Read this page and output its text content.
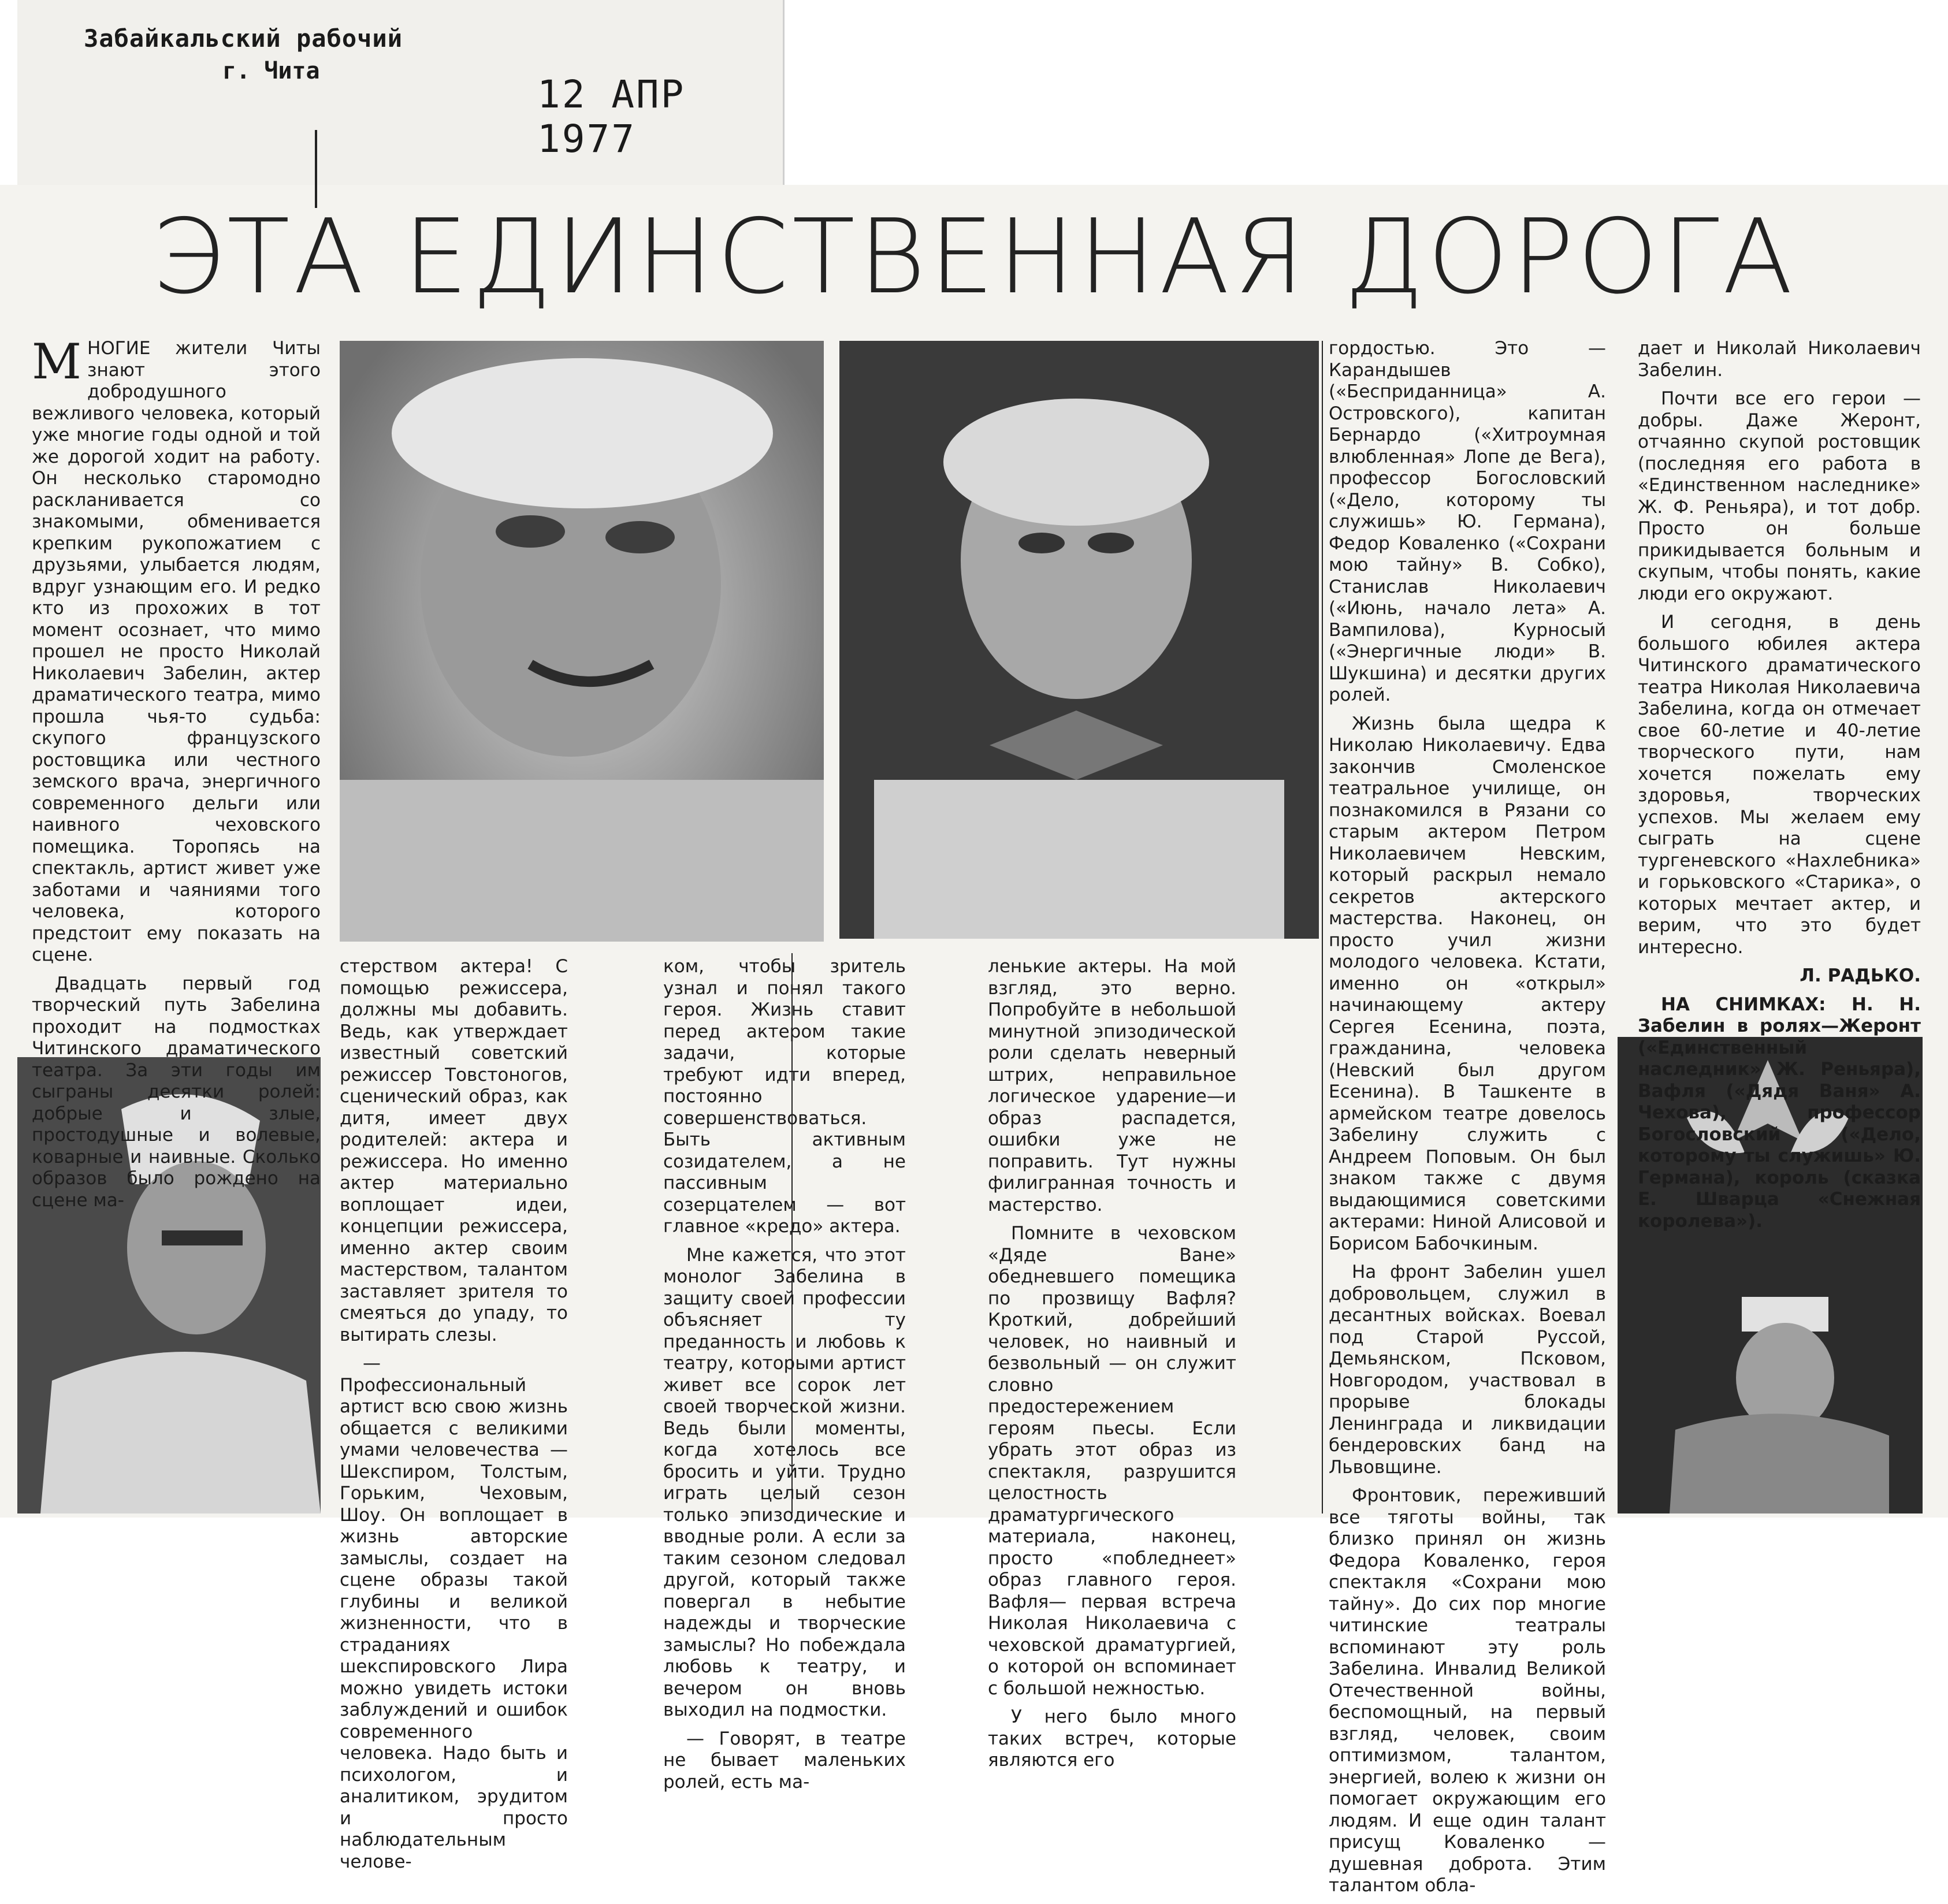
Забайкальский рабочий
г. Чита
12 АПР 1977
ЭТА ЕДИНСТВЕННАЯ ДОРОГА

МНОГИЕ жители Читы знают этого добродушного вежливого человека, который уже многие годы одной и той же дорогой ходит на работу. Он несколько старомодно раскланивается со знакомыми, обменивается крепким рукопожатием с друзьями, улыбается людям, вдруг узнающим его. И редко кто из прохожих в тот момент осознает, что мимо прошел не просто Николай Николаевич Забелин, актер драматического театра, мимо прошла чья-то судьба: скупого французского ростовщика или честного земского врача, энергичного современного дельги или наивного чеховского помещика. Торопясь на спектакль, артист живет уже заботами и чаяниями того человека, которого предстоит ему показать на сцене.

Двадцать первый год творческий путь Забелина проходит на подмостках Читинского драматического театра. За эти годы им сыграны десятки ролей: добрые и злые, простодушные и волевые, коварные и наивные. Сколько образов было рождено на сцене ма-

стерством актера! С помощью режиссера, должны мы добавить. Ведь, как утверждает известный советский режиссер Товстоногов, сценический образ, как дитя, имеет двух родителей: актера и режиссера. Но именно актер материально воплощает идеи, концепции режиссера, именно актер своим мастерством, талантом заставляет зрителя то смеяться до упаду, то вытирать слезы.

— Профессиональный артист всю свою жизнь общается с великими умами человечества — Шекспиром, Толстым, Горьким, Чеховым, Шоу. Он воплощает в жизнь авторские замыслы, создает на сцене образы такой глубины и великой жизненности, что в страданиях шекспировского Лира можно увидеть истоки заблуждений и ошибок современного человека. Надо быть и психологом, и аналитиком, эрудитом и просто наблюдательным челове-

ком, чтобы зритель узнал и понял такого героя. Жизнь ставит перед актером такие задачи, которые требуют идти вперед, постоянно совершенствоваться. Быть активным созидателем, а не пассивным созерцателем — вот главное «кредо» актера.

Мне кажется, что этот монолог Забелина в защиту своей профессии объясняет ту преданность и любовь к театру, которыми артист живет все сорок лет своей творческой жизни. Ведь были моменты, когда хотелось все бросить и уйти. Трудно играть целый сезон только эпизодические и вводные роли. А если за таким сезоном следовал другой, который также повергал в небытие надежды и творческие замыслы? Но побеждала любовь к театру, и вечером он вновь выходил на подмостки.

— Говорят, в театре не бывает маленьких ролей, есть ма-

ленькие актеры. На мой взгляд, это верно. Попробуйте в небольшой минутной эпизодической роли сделать неверный штрих, неправильное логическое ударение—и образ распадется, ошибки уже не поправить. Тут нужны филигранная точность и мастерство.

Помните в чеховском «Дяде Ване» обедневшего помещика по прозвищу Вафля? Кроткий, добрейший человек, но наивный и безвольный — он служит словно предостережением героям пьесы. Если убрать этот образ из спектакля, разрушится целостность драматургического материала, наконец, просто «побледнеет» образ главного героя. Вафля— первая встреча Николая Николаевича с чеховской драматургией, о которой он вспоминает с большой нежностью.

У него было много таких встреч, которые являются его

гордостью. Это — Карандышев («Бесприданница» А. Островского), капитан Бернардо («Хитроумная влюбленная» Лопе де Вега), профессор Богословский («Дело, которому ты служишь» Ю. Германа), Федор Коваленко («Сохрани мою тайну» В. Собко), Станислав Николаевич («Июнь, начало лета» А. Вампилова), Курносый («Энергичные люди» В. Шукшина) и десятки других ролей.

Жизнь была щедра к Николаю Николаевичу. Едва закончив Смоленское театральное училище, он познакомился в Рязани со старым актером Петром Николаевичем Невским, который раскрыл немало секретов актерского мастерства. Наконец, он просто учил жизни молодого человека. Кстати, именно он «открыл» начинающему актеру Сергея Есенина, поэта, гражданина, человека (Невский был другом Есенина). В Ташкенте в армейском театре довелось Забелину служить с Андреем Поповым. Он был знаком также с двумя выдающимися советскими актерами: Ниной Алисовой и Борисом Бабочкиным.

На фронт Забелин ушел добровольцем, служил в десантных войсках. Воевал под Старой Руссой, Демьянском, Псковом, Новгородом, участвовал в прорыве блокады Ленинграда и ликвидации бендеровских банд на Львовщине.

Фронтовик, переживший все тяготы войны, так близко принял он жизнь Федора Коваленко, героя спектакля «Сохрани мою тайну». До сих пор многие читинские театралы вспоминают эту роль Забелина. Инвалид Великой Отечественной войны, беспомощный, на первый взгляд, человек, своим оптимизмом, талантом, энергией, волею к жизни он помогает окружающим его людям. И еще один талант присущ Коваленко — душевная доброта. Этим талантом обла-

дает и Николай Николаевич Забелин.

Почти все его герои — добры. Даже Жеронт, отчаянно скупой ростовщик (последняя его работа в «Единственном наследнике» Ж. Ф. Реньяра), и тот добр. Просто он больше прикидывается больным и скупым, чтобы понять, какие люди его окружают.

И сегодня, в день большого юбилея актера Читинского драматического театра Николая Николаевича Забелина, когда он отмечает свое 60-летие и 40-летие творческого пути, нам хочется пожелать ему здоровья, творческих успехов. Мы желаем ему сыграть на сцене тургеневского «Нахлебника» и горьковского «Старика», о которых мечтает актер, и верим, что это будет интересно.

Л. РАДЬКО.

НА СНИМКАХ: Н. Н. Забелин в ролях—Жеронт («Единственный наследник» Ж. Реньяра), Вафля («Дядя Ваня» А. Чехова), профессор Богословский («Дело, которому ты служишь» Ю. Германа), король (сказка Е. Шварца «Снежная королева»).
